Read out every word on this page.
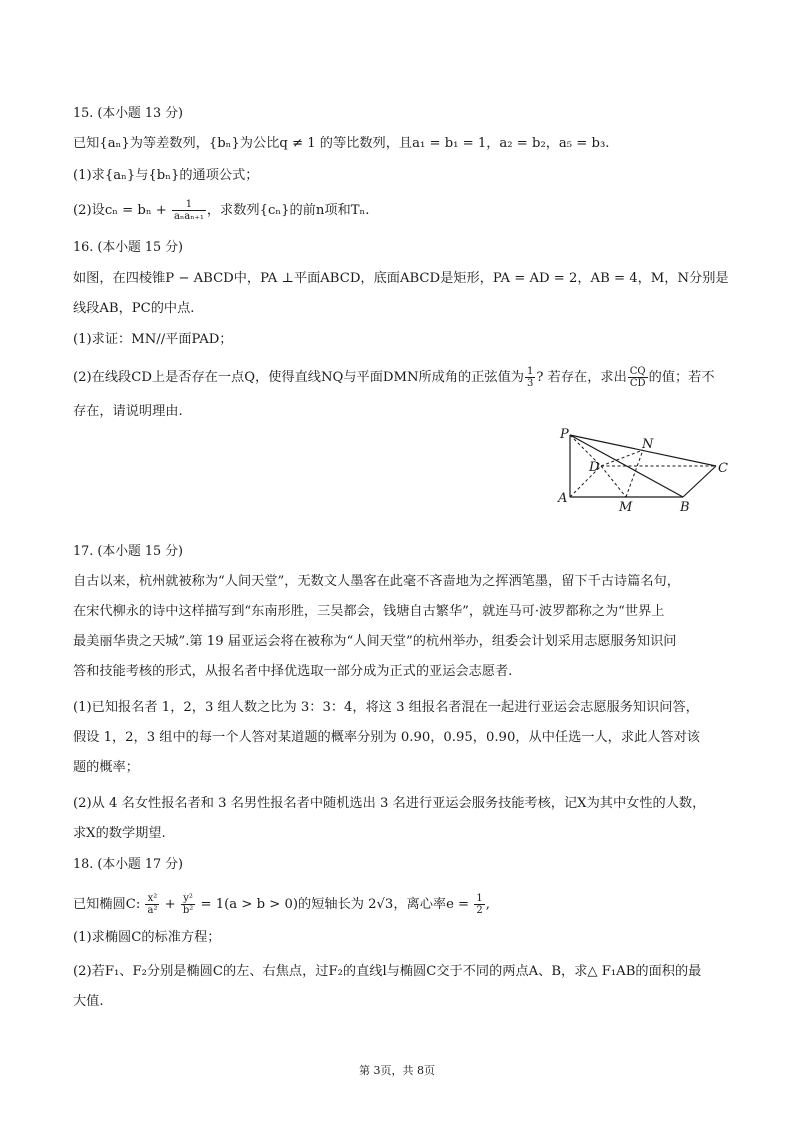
15. (本小题 13 分)
已知{aₙ}为等差数列，{bₙ}为公比q ≠ 1 的等比数列，且a₁ = b₁ = 1，a₂ = b₂，a₅ = b₃.
(1)求{aₙ}与{bₙ}的通项公式；
(2)设$c_n = b_n + \frac{1}{\text{aₙaₙ₊₁}}$ ，求数列{cₙ}的前n项和Tₙ.
16. (本小题 15 分)
如图，在四棱锥P − ABCD中，PA ⊥平面ABCD，底面ABCD是矩形，PA = AD = 2，AB = 4，M，N分别是
线段AB，PC的中点.
(1)求证：MN//平面PAD；
(2)在线段CD上是否存在一点Q，使得直线NQ与平面DMN所成角的正弦值为 $\frac{1}{3}$ ? 若存在，求出 $\frac{CQ}{CD}$ 的值；若不
存在，请说明理由.
P
N
D	C
A
M	B
17. (本小题 15 分)
自古以来，杭州就被称为“人间天堂”，无数文人墨客在此毫不吝啬地为之挥洒笔墨，留下千古诗篇名句，
在宋代柳永的诗中这样描写到“东南形胜，三吴都会，钱塘自古繁华”，就连马可·波罗都称之为“世界上
最美丽华贵之天城”.第 19 届亚运会将在被称为“人间天堂”的杭州举办，组委会计划采用志愿服务知识问
答和技能考核的形式，从报名者中择优选取一部分成为正式的亚运会志愿者.
(1)已知报名者 1，2，3 组人数之比为 3：3：4，将这 3 组报名者混在一起进行亚运会志愿服务知识问答，
假设 1，2，3 组中的每一个人答对某道题的概率分别为 0.90，0.95，0.90，从中任选一人，求此人答对该
题的概率；
(2)从 4 名女性报名者和 3 名男性报名者中随机选出 3 名进行亚运会服务技能考核，记X为其中女性的人数，
求X的数学期望.
18. (本小题 17 分)
已知椭圆C: $\frac{\text{x²}}{\text{a²}} + \frac{\text{y²}}{\text{b²}} = 1(a > b > 0)$的短轴长为 2√3，离心率$e = \frac{1}{2}$ ,
(1)求椭圆C的标准方程；
(2)若F₁、F₂分别是椭圆C的左、右焦点，过F₂的直线l与椭圆C交于不同的两点A、B，求△ F₁AB的面积的最
大值.
第 3页，共 8页
